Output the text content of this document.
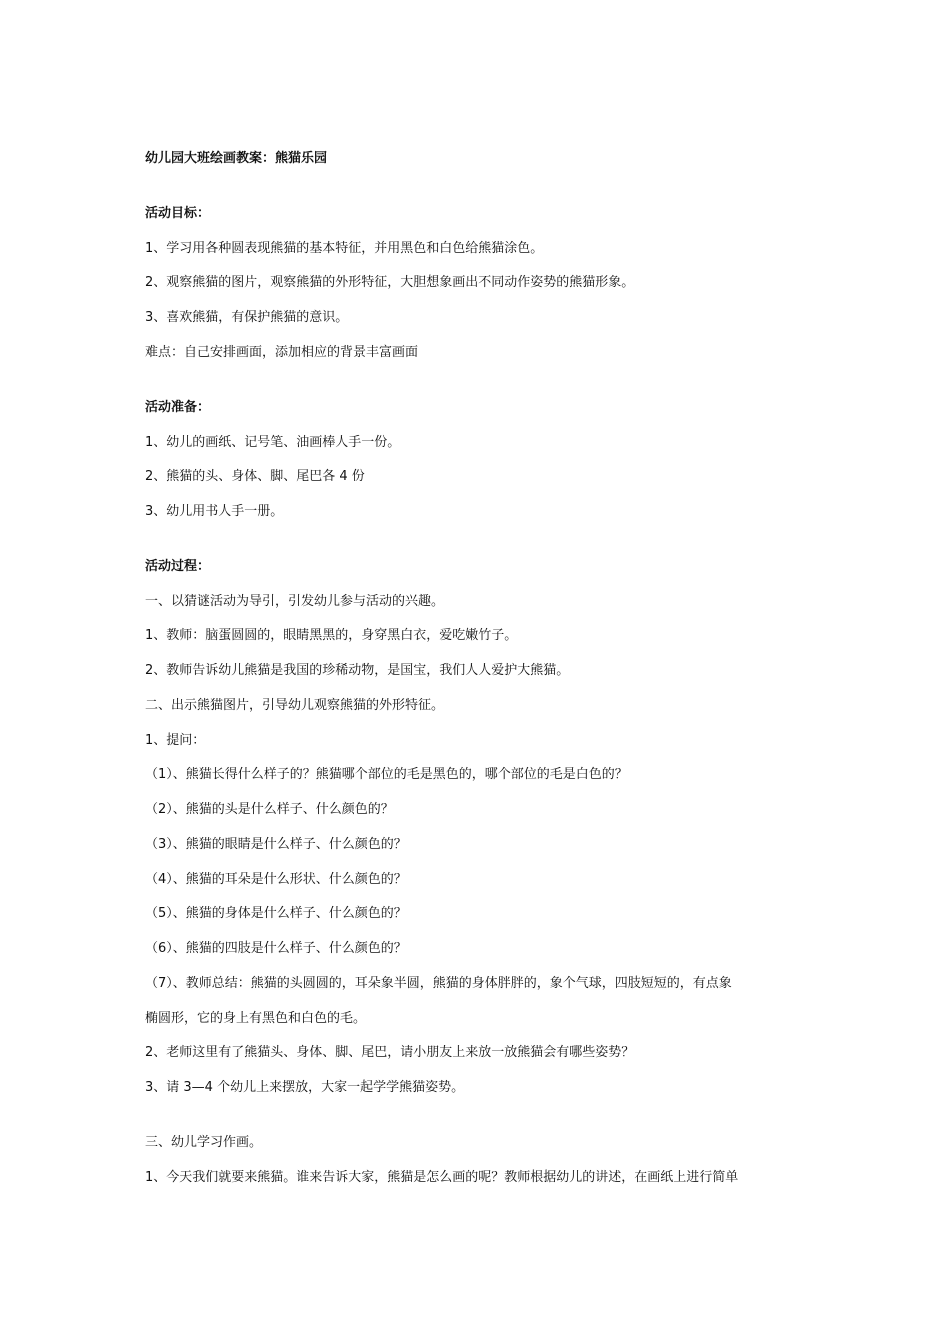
幼儿园大班绘画教案：熊猫乐园
活动目标：
1、学习用各种圆表现熊猫的基本特征，并用黑色和白色给熊猫涂色。
2、观察熊猫的图片，观察熊猫的外形特征，大胆想象画出不同动作姿势的熊猫形象。
3、喜欢熊猫，有保护熊猫的意识。
难点：自己安排画面，添加相应的背景丰富画面
活动准备：
1、幼儿的画纸、记号笔、油画棒人手一份。
2、熊猫的头、身体、脚、尾巴各 4 份
3、幼儿用书人手一册。
活动过程：
一、以猜谜活动为导引，引发幼儿参与活动的兴趣。
1、教师：脑蛋圆圆的，眼睛黑黑的，身穿黑白衣，爱吃嫩竹子。
2、教师告诉幼儿熊猫是我国的珍稀动物，是国宝，我们人人爱护大熊猫。
二、出示熊猫图片，引导幼儿观察熊猫的外形特征。
1、提问：
（1）、熊猫长得什么样子的？熊猫哪个部位的毛是黑色的，哪个部位的毛是白色的？
（2）、熊猫的头是什么样子、什么颜色的？
（3）、熊猫的眼睛是什么样子、什么颜色的？
（4）、熊猫的耳朵是什么形状、什么颜色的？
（5）、熊猫的身体是什么样子、什么颜色的？
（6）、熊猫的四肢是什么样子、什么颜色的？
（7）、教师总结：熊猫的头圆圆的，耳朵象半圆，熊猫的身体胖胖的，象个气球，四肢短短的，有点象
椭圆形，它的身上有黑色和白色的毛。
2、老师这里有了熊猫头、身体、脚、尾巴，请小朋友上来放一放熊猫会有哪些姿势？
3、请 3—4 个幼儿上来摆放，大家一起学学熊猫姿势。
三、幼儿学习作画。
1、今天我们就要来熊猫。谁来告诉大家，熊猫是怎么画的呢？教师根据幼儿的讲述，在画纸上进行简单
